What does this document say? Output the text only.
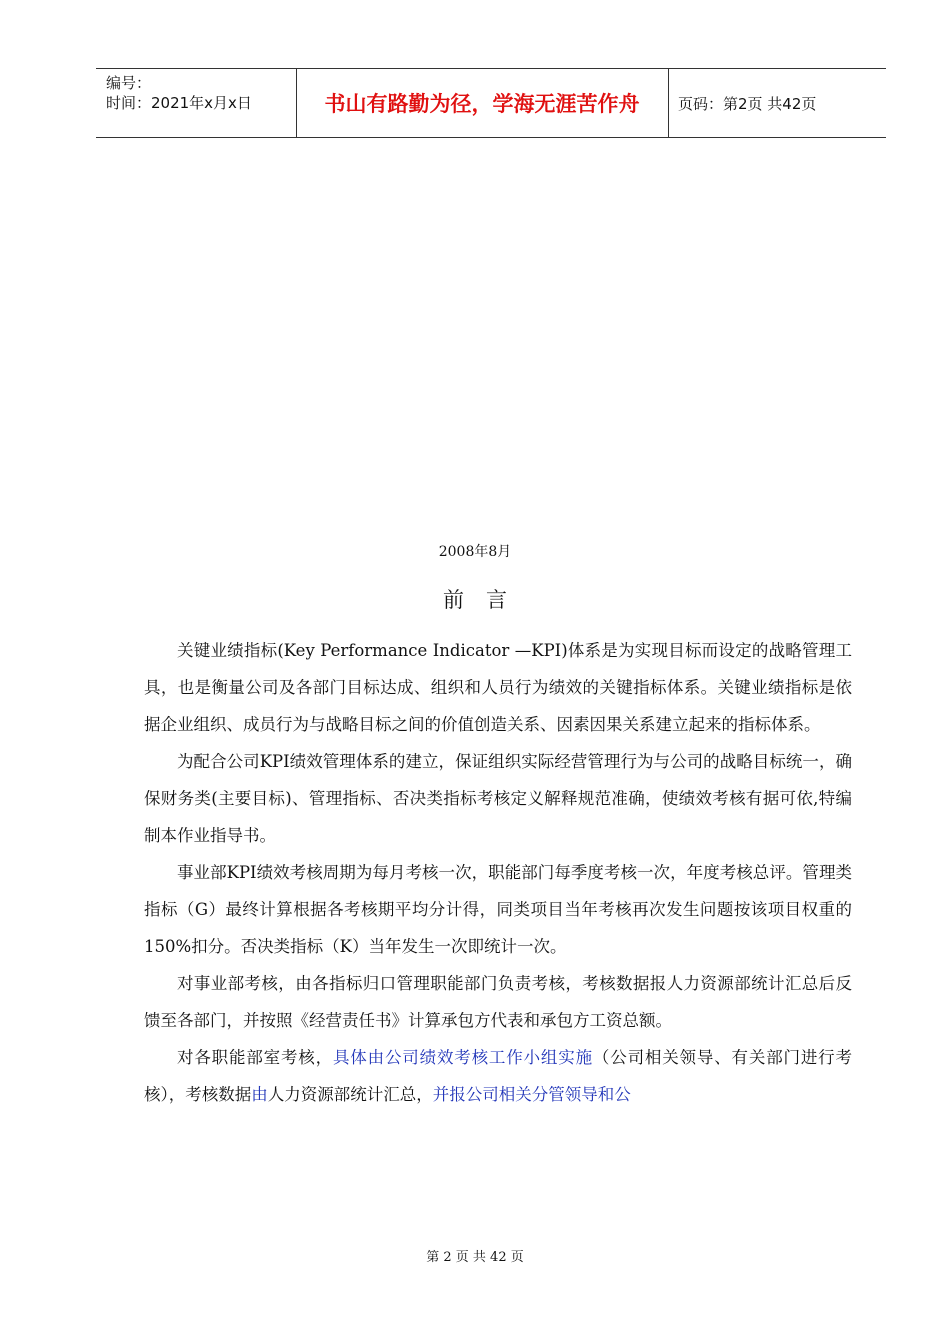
编号：
时间：2021年x月x日	书山有路勤为径，学海无涯苦作舟	页码：第2页 共42页
2008年8月
前言

关键业绩指标(Key Performance Indicator —KPI)体系是为实现目标而设定的战略管理工具，也是衡量公司及各部门目标达成、组织和人员行为绩效的关键指标体系。关键业绩指标是依据企业组织、成员行为与战略目标之间的价值创造关系、因素因果关系建立起来的指标体系。

为配合公司KPI绩效管理体系的建立，保证组织实际经营管理行为与公司的战略目标统一，确保财务类(主要目标)、管理指标、否决类指标考核定义解释规范准确，使绩效考核有据可依,特编制本作业指导书。

事业部KPI绩效考核周期为每月考核一次，职能部门每季度考核一次，年度考核总评。管理类指标（G）最终计算根据各考核期平均分计得，同类项目当年考核再次发生问题按该项目权重的150%扣分。否决类指标（K）当年发生一次即统计一次。

对事业部考核，由各指标归口管理职能部门负责考核，考核数据报人力资源部统计汇总后反馈至各部门，并按照《经营责任书》计算承包方代表和承包方工资总额。

对各职能部室考核，具体由公司绩效考核工作小组实施（公司相关领导、有关部门进行考核），考核数据由人力资源部统计汇总，并报公司相关分管领导和公

第 2 页 共 42 页
